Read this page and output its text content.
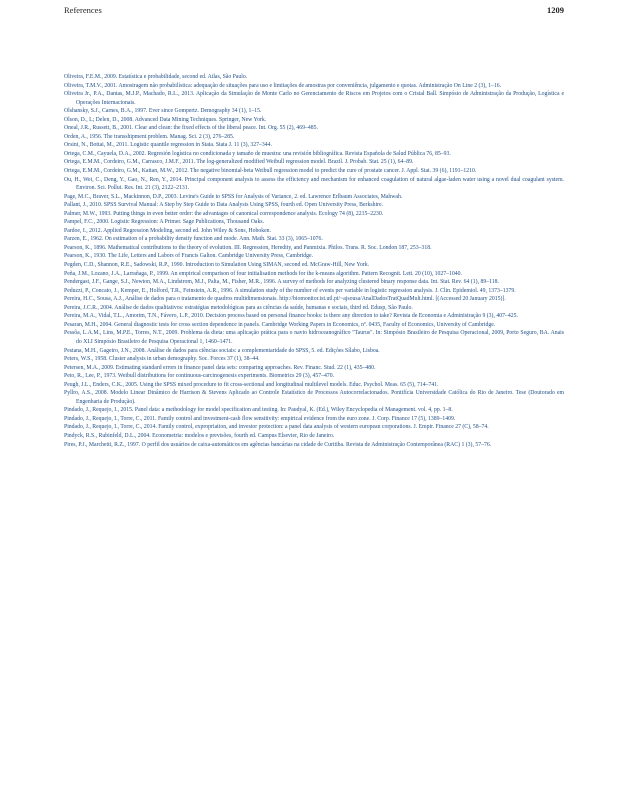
References	1209
Oliveira, F.E.M., 2009. Estatística e probabilidade, second ed. Atlas, São Paulo.
Oliveira, T.M.V., 2001. Amostragem não probabilística: adequação de situações para uso e limitações de amostras por conveniência, julgamento e quotas. Administração On Line 2 (3), 1–16.
Oliveira Jr., P.A., Dantas, M.J.P., Machado, R.L., 2013. Aplicação da Simulação de Monte Carlo no Gerenciamento de Riscos em Projetos com o Cristal Ball. Simpósio de Administração da Produção, Logística e Operações Internacionais.
Olshansky, S.J., Carnes, B.A., 1997. Ever since Gompertz. Demography 34 (1), 1–15.
Olson, D., L; Delen, D., 2008. Advanced Data Mining Techniques. Springer, New York.
Oneal, J.R., Russett, B., 2001. Clear and clean: the fixed effects of the liberal peace. Int. Org. 55 (2), 469–485.
Orden, A., 1956. The transshipment problem. Manag. Sci. 2 (3), 276–285.
Orsini, N., Bottai, M., 2011. Logistic quantile regression in Stata. Stata J. 11 (3), 327–344.
Ortega, C.M., Cayuela, D.A., 2002. Regresión logística no condicionada y tamaño de muestra: una revisión bibliográfica. Revista Española de Salud Pública 76, 85–93.
Ortega, E.M.M., Cordeiro, G.M., Carrasco, J.M.F., 2011. The log-generalized modified Weibull regression model. Brazil. J. Probab. Stat. 25 (1), 64–89.
Ortega, E.M.M., Cordeiro, G.M., Kattan, M.W., 2012. The negative binomial-beta Weibull regression model to predict the cure of prostate cancer. J. Appl. Stat. 39 (6), 1191–1210.
Ou, H., Wei, C., Deng, Y., Gao, N., Ren, Y., 2014. Principal component analysis to assess the efficiency and mechanism for enhanced coagulation of natural algae-laden water using a novel dual coagulant system. Environ. Sci. Pollut. Res. Int. 21 (3), 2122–2131.
Page, M.C., Braver, S.L., Mackinnon, D.P., 2003. Levine's Guide to SPSS for Analysis of Variance, 2. ed. Lawrence Erlbaum Associates, Mahwah.
Pallant, J., 2010. SPSS Survival Manual: A Step by Step Guide to Data Analysis Using SPSS, fourth ed. Open University Press, Berkshire.
Palmer, M.W., 1993. Putting things in even better order: the advantages of canonical correspondence analysis. Ecology 74 (8), 2215–2230.
Pampel, F.C., 2000. Logistic Regression: A Primer. Sage Publications, Thousand Oaks.
Pardoe, I., 2012. Applied Regression Modeling, second ed. John Wiley & Sons, Hoboken.
Parzen, E., 1962. On estimation of a probability density function and mode. Ann. Math. Stat. 33 (3), 1065–1076.
Pearson, K., 1896. Mathematical contributions to the theory of evolution. III. Regression, Heredity, and Panmixia. Philos. Trans. R. Soc. London 187, 253–318.
Pearson, K., 1930. The Life, Letters and Labors of Francis Galton. Cambridge University Press, Cambridge.
Pegden, C.D., Shannon, R.E., Sadowski, R.P., 1990. Introduction to Simulation Using SIMAN, second ed. McGraw-Hill, New York.
Peña, J.M., Lozano, J.A., Larrañaga, P., 1999. An empirical comparison of four initialisation methods for the k-means algorithm. Pattern Recognit. Lett. 20 (10), 1027–1040.
Pendergast, J.F., Gange, S.J., Newton, M.A., Lindstrom, M.J., Palta, M., Fisher, M.R., 1996. A survey of methods for analyzing clustered binary response data. Int. Stat. Rev. 64 (1), 89–118.
Peduzzi, P., Concato, J., Kemper, E., Holford, T.R., Feinstein, A.R., 1996. A simulation study of the number of events per variable in logistic regression analysis. J. Clin. Epidemiol. 49, 1373–1379.
Pereira, H.C., Sousa, A.J., Análise de dados para o tratamento de quadros multidimensionais. http://biomonitor.ist.utl.pt/~ajsousa/AnalDadosTratQuadMult.html. [(Accessed 20 January 2015)].
Pereira, J.C.R., 2004. Análise de dados qualitativos: estratégias metodológicas para as ciências da saúde, humanas e sociais, third ed. Edusp, São Paulo.
Pereira, M.A., Vidal, T.L., Amorim, T.N., Fávero, L.P., 2010. Decision process based on personal finance books: is there any direction to take? Revista de Economia e Administração 9 (3), 407–425.
Pesaran, M.H., 2004. General diagnostic tests for cross section dependence in panels. Cambridge Working Papers in Economics, nº. 0435, Faculty of Economics, University of Cambridge.
Pessôa, L.A.M., Lins, M.P.E., Torres, N.T., 2009. Problema da dieta: uma aplicação prática para o navio hidroceanográfico "Taurus". In: Simpósio Brasileiro de Pesquisa Operacional, 2009, Porto Seguro, BA. Anais do XLI Simpósio Brasileiro de Pesquisa Operacional 1, 1460–1471.
Pestana, M.H., Gageiro, J.N., 2008. Análise de dados para ciências sociais: a complementaridade do SPSS, 5. ed. Edições Sílabo, Lisboa.
Peters, W.S., 1958. Cluster analysis in urban demography. Soc. Forces 37 (1), 38–44.
Petersen, M.A., 2009. Estimating standard errors in finance panel data sets: comparing approaches. Rev. Financ. Stud. 22 (1), 435–480.
Peto, R., Lee, P., 1973. Weibull distributions for continuous-carcinogenesis experiments. Biometrics 29 (3), 457–470.
Peugh, J.L., Enders, C.K., 2005. Using the SPSS mixed procedure to fit cross-sectional and longitudinal multilevel models. Educ. Psychol. Meas. 65 (5), 714–741.
Pyllro, A.S., 2008. Modelo Linear Dinâmico de Harrison & Stevens Aplicado ao Controle Estatístico de Processos Autocorrelacionados. Pontifícia Universidade Católica do Rio de Janeiro. Tese (Doutorado em Engenharia de Produção).
Pindado, J., Requejo, I., 2015. Panel data: a methodology for model specification and testing. In: Paudyal, K. (Ed.), Wiley Encyclopedia of Management. vol. 4, pp. 1–8.
Pindado, J., Requejo, I., Torre, C., 2011. Family control and investment-cash flow sensitivity: empirical evidence from the euro zone. J. Corp. Finance 17 (5), 1389–1409.
Pindado, J., Requejo, I., Torre, C., 2014. Family control, expropriation, and investor protection: a panel data analysis of western european corporations. J. Empir. Finance 27 (C), 58–74.
Pindyck, R.S., Rubinfeld, D.L., 2004. Econometria: modelos e previsões, fourth ed. Campus Elsevier, Rio de Janeiro.
Pires, P.J., Marchetti, R.Z., 1997. O perfil dos usuários de caixa-automáticos em agências bancárias na cidade de Curitiba. Revista de Administração Contemporânea (RAC) 1 (3), 57–76.
